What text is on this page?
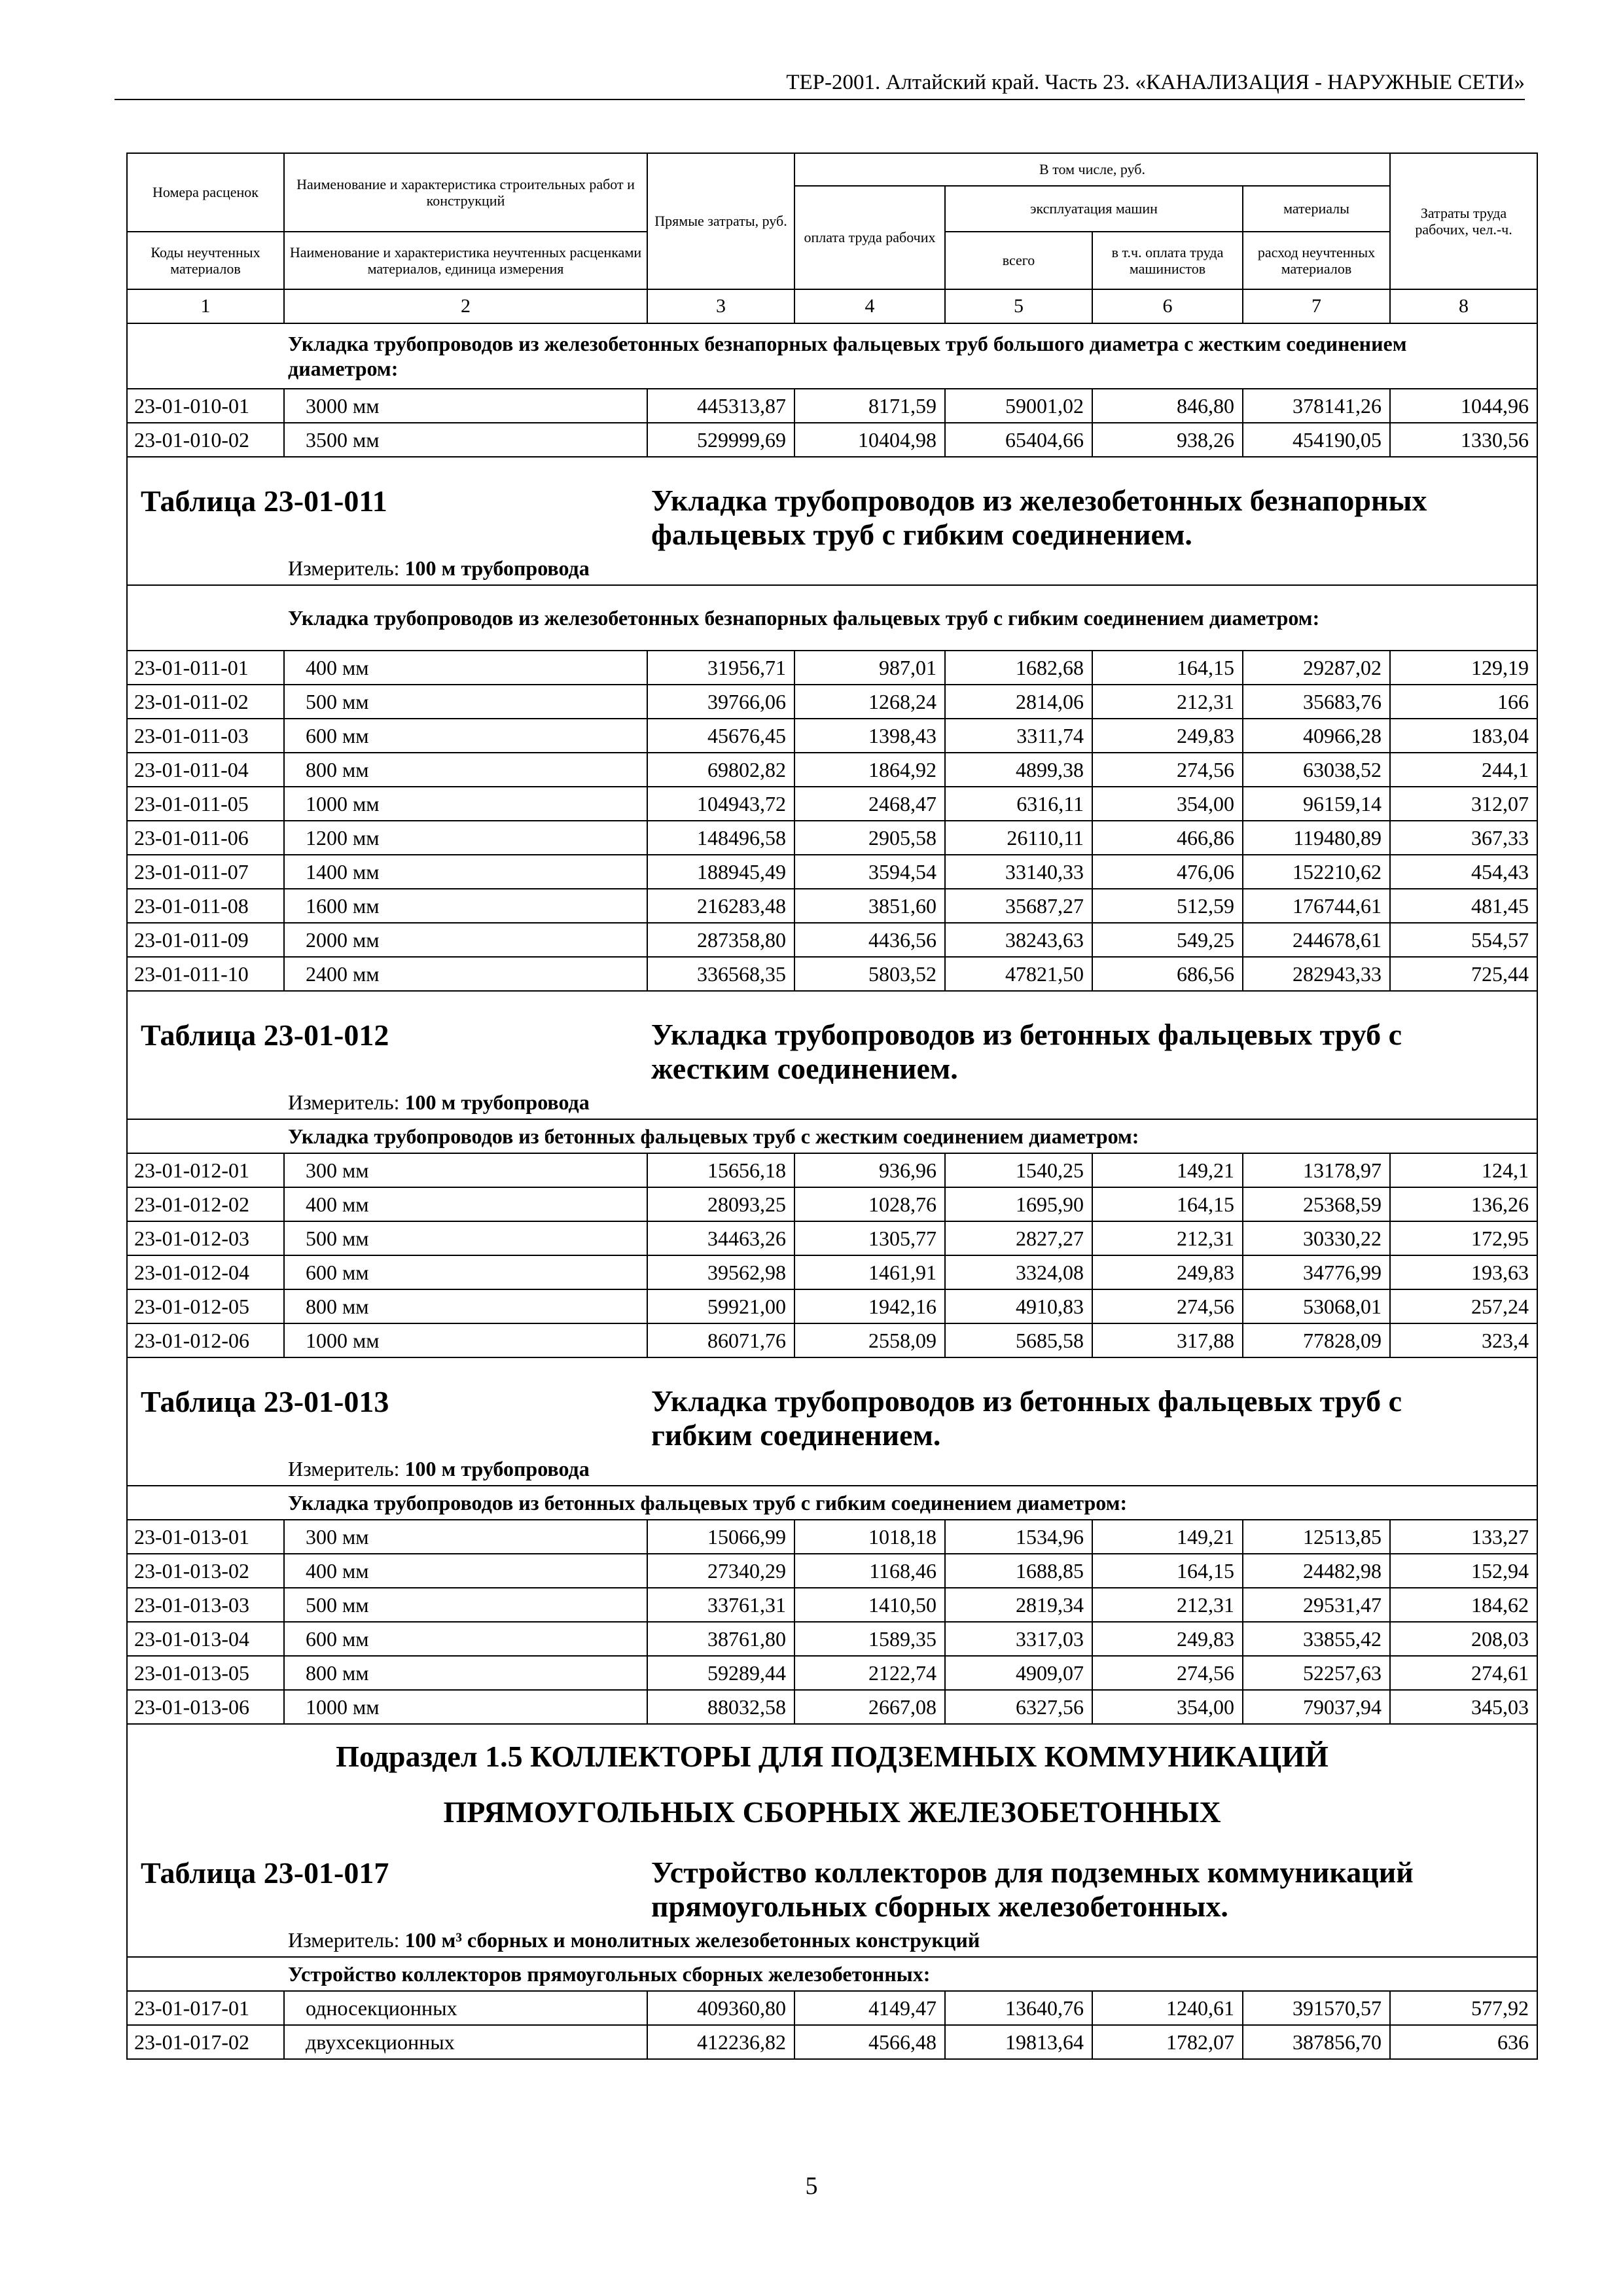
ТЕР-2001. Алтайский край. Часть 23. «КАНАЛИЗАЦИЯ - НАРУЖНЫЕ СЕТИ»
Номера расценок	Наименование и характеристика строительных работ и конструкций	Прямые затраты, руб.	В том числе, руб.				Затраты труда рабочих, чел.-ч.
			оплата труда рабочих	эксплуатация машин		материалы	
Коды неучтенных материалов	Наименование и характеристика неучтенных расценками материалов, единица измерения			всего	в т.ч. оплата труда машинистов	расход неучтенных материалов	
1	2	3	4	5	6	7	8
Укладка трубопроводов из железобетонных безнапорных фальцевых труб большого диаметра с жестким соединением диаметром:							
23-01-010-01	3000 мм	445313,87	8171,59	59001,02	846,80	378141,26	1044,96
23-01-010-02	3500 мм	529999,69	10404,98	65404,66	938,26	454190,05	1330,56

Таблица 23-01-011 Укладка трубопроводов из железобетонных безнапорных фальцевых труб с гибким соединением.
Измеритель: 100 м трубопровода							

Укладка трубопроводов из железобетонных безнапорных фальцевых труб с гибким соединением диаметром:							
23-01-011-01	400 мм	31956,71	987,01	1682,68	164,15	29287,02	129,19
23-01-011-02	500 мм	39766,06	1268,24	2814,06	212,31	35683,76	166
23-01-011-03	600 мм	45676,45	1398,43	3311,74	249,83	40966,28	183,04
23-01-011-04	800 мм	69802,82	1864,92	4899,38	274,56	63038,52	244,1
23-01-011-05	1000 мм	104943,72	2468,47	6316,11	354,00	96159,14	312,07
23-01-011-06	1200 мм	148496,58	2905,58	26110,11	466,86	119480,89	367,33
23-01-011-07	1400 мм	188945,49	3594,54	33140,33	476,06	152210,62	454,43
23-01-011-08	1600 мм	216283,48	3851,60	35687,27	512,59	176744,61	481,45
23-01-011-09	2000 мм	287358,80	4436,56	38243,63	549,25	244678,61	554,57
23-01-011-10	2400 мм	336568,35	5803,52	47821,50	686,56	282943,33	725,44

Таблица 23-01-012 Укладка трубопроводов из бетонных фальцевых труб с жестким соединением.
Измеритель: 100 м трубопровода							

Укладка трубопроводов из бетонных фальцевых труб с жестким соединением диаметром:							
23-01-012-01	300 мм	15656,18	936,96	1540,25	149,21	13178,97	124,1
23-01-012-02	400 мм	28093,25	1028,76	1695,90	164,15	25368,59	136,26
23-01-012-03	500 мм	34463,26	1305,77	2827,27	212,31	30330,22	172,95
23-01-012-04	600 мм	39562,98	1461,91	3324,08	249,83	34776,99	193,63
23-01-012-05	800 мм	59921,00	1942,16	4910,83	274,56	53068,01	257,24
23-01-012-06	1000 мм	86071,76	2558,09	5685,58	317,88	77828,09	323,4

Таблица 23-01-013 Укладка трубопроводов из бетонных фальцевых труб с гибким соединением.
Измеритель: 100 м трубопровода							

Укладка трубопроводов из бетонных фальцевых труб с гибким соединением диаметром:							
23-01-013-01	300 мм	15066,99	1018,18	1534,96	149,21	12513,85	133,27
23-01-013-02	400 мм	27340,29	1168,46	1688,85	164,15	24482,98	152,94
23-01-013-03	500 мм	33761,31	1410,50	2819,34	212,31	29531,47	184,62
23-01-013-04	600 мм	38761,80	1589,35	3317,03	249,83	33855,42	208,03
23-01-013-05	800 мм	59289,44	2122,74	4909,07	274,56	52257,63	274,61
23-01-013-06	1000 мм	88032,58	2667,08	6327,56	354,00	79037,94	345,03

Подраздел 1.5 КОЛЛЕКТОРЫ ДЛЯ ПОДЗЕМНЫХ КОММУНИКАЦИЙ
ПРЯМОУГОЛЬНЫХ СБОРНЫХ ЖЕЛЕЗОБЕТОННЫХ
Таблица 23-01-017 Устройство коллекторов для подземных коммуникаций прямоугольных сборных железобетонных.
Измеритель: 100 м³ сборных и монолитных железобетонных конструкций							

Устройство коллекторов прямоугольных сборных железобетонных:							
23-01-017-01	односекционных	409360,80	4149,47	13640,76	1240,61	391570,57	577,92
23-01-017-02	двухсекционных	412236,82	4566,48	19813,64	1782,07	387856,70	636
5
